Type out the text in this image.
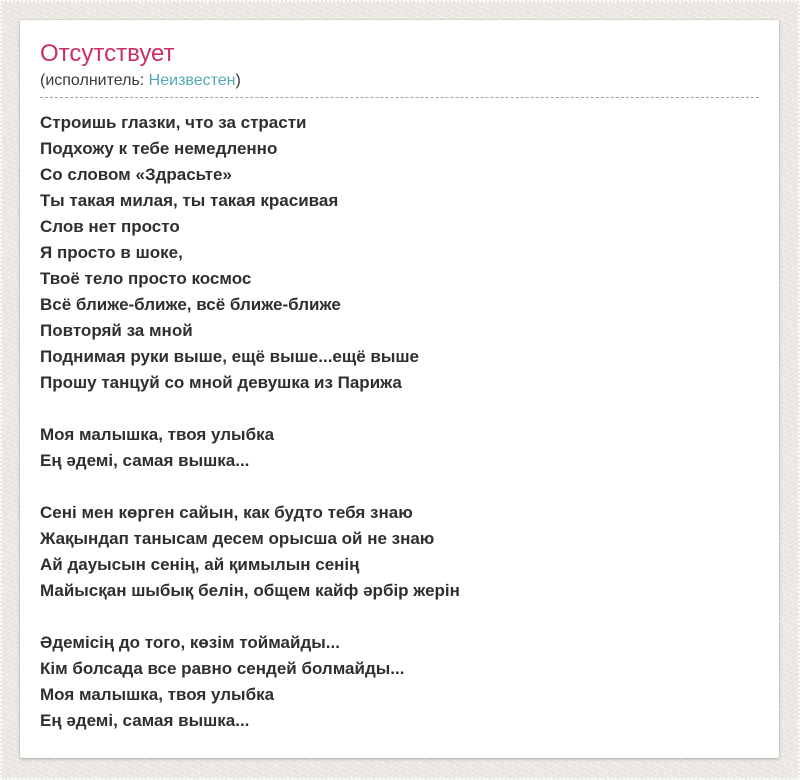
Отсутствует
(исполнитель: Неизвестен)
Строишь глазки, что за страсти
Подхожу к тебе немедленно
Со словом «Здрасьте»
Ты такая милая, ты такая красивая
Слов нет просто
Я просто в шоке,
Твоё тело просто космос
Всё ближе-ближе, всё ближе-ближе
Повторяй за мной
Поднимая руки выше, ещё выше...ещё выше
Прошу танцуй со мной девушка из Парижа
Моя малышка, твоя улыбка
Ең әдемі, самая вышка...
Сені мен көрген сайын, как будто тебя знаю
Жақындап танысам десем орысша ой не знаю
Ай дауысын сенің, ай қимылын сенің
Майысқан шыбық белін, общем кайф әрбір жерін
Әдемісің до того, көзім тоймайды...
Кім болсада все равно сендей болмайды...
Моя малышка, твоя улыбка
Ең әдемі, самая вышка...
